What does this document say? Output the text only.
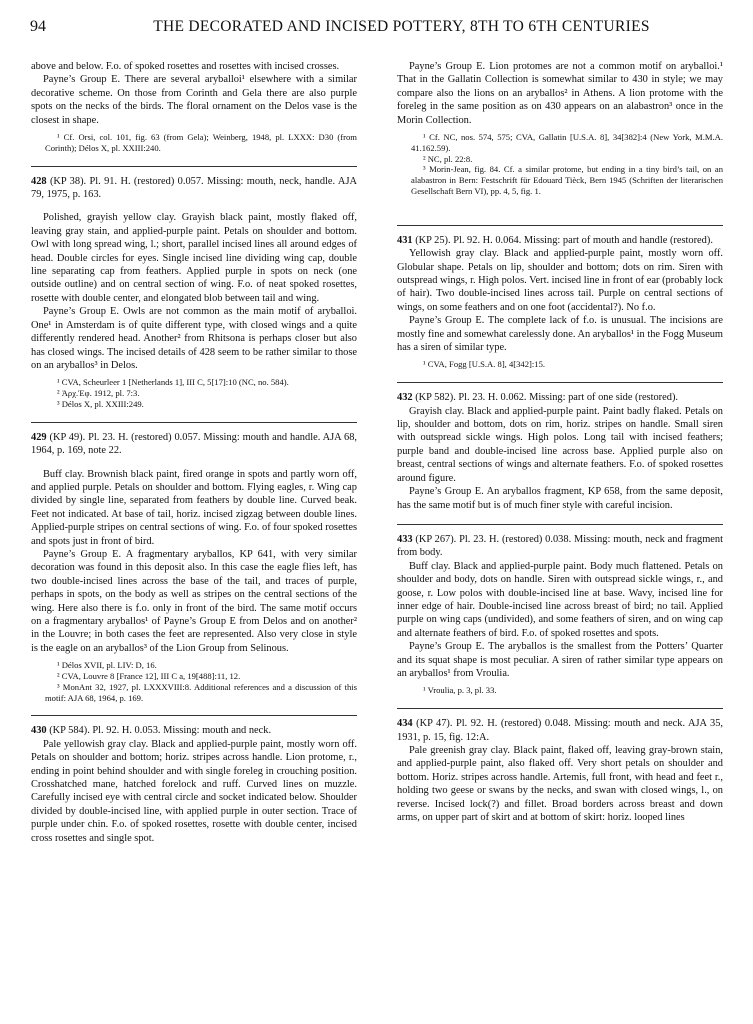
94	THE DECORATED AND INCISED POTTERY, 8TH TO 6TH CENTURIES

above and below. F.o. of spoked rosettes and rosettes with incised crosses.

Payne’s Group E. There are several aryballoi¹ elsewhere with a similar decorative scheme. On those from Corinth and Gela there are also purple spots on the necks of the birds. The floral ornament on the Delos vase is the closest in shape.

¹ Cf. Orsi, col. 101, fig. 63 (from Gela); Weinberg, 1948, pl. LXXX: D30 (from Corinth); Délos X, pl. XXIII:240.

428 (KP 38). Pl. 91. H. (restored) 0.057. Missing: mouth, neck, handle. AJA 79, 1975, p. 163.

Polished, grayish yellow clay. Grayish black paint, mostly flaked off, leaving gray stain, and applied-purple paint. Petals on shoulder and bottom. Owl with long spread wing, l.; short, parallel incised lines all around edges of head. Double circles for eyes. Single incised line dividing wing cap, double line separating cap from feathers. Applied purple in spots on neck (one outside outline) and on central section of wing. F.o. of neat spoked rosettes, rosette with double center, and elongated blob between tail and wing.

Payne’s Group E. Owls are not common as the main motif of aryballoi. One¹ in Amsterdam is of quite different type, with closed wings and a quite differently rendered head. Another² from Rhitsona is perhaps closer but also has closed wings. The incised details of 428 seem to be rather similar to those on an aryballos³ in Delos.

¹ CVA, Scheurleer 1 [Netherlands 1], III C, 5[17]:10 (NC, no. 584).

² Ἀρχ.Ἐφ. 1912, pl. 7:3.

³ Délos X, pl. XXIII:249.

429 (KP 49). Pl. 23. H. (restored) 0.057. Missing: mouth and handle. AJA 68, 1964, p. 169, note 22.

Buff clay. Brownish black paint, fired orange in spots and partly worn off, and applied purple. Petals on shoulder and bottom. Flying eagles, r. Wing cap divided by single line, separated from feathers by double line. Curved beak. Feet not indicated. At base of tail, horiz. incised zigzag between double lines. Applied-purple stripes on central sections of wing. F.o. of four spoked rosettes and spots just in front of bird.

Payne’s Group E. A fragmentary aryballos, KP 641, with very similar decoration was found in this deposit also. In this case the eagle flies left, has two double-incised lines across the base of the tail, and traces of purple, perhaps in spots, on the body as well as stripes on the central sections of the wing. Here also there is f.o. only in front of the bird. The same motif occurs on a fragmentary aryballos¹ of Payne’s Group E from Delos and on another² in the Louvre; in both cases the feet are represented. Also very close in style is the eagle on an aryballos³ of the Lion Group from Selinous.

¹ Délos XVII, pl. LIV: D, 16.

² CVA, Louvre 8 [France 12], III C a, 19[488]:11, 12.

³ MonAnt 32, 1927, pl. LXXXVIII:8. Additional references and a discussion of this motif: AJA 68, 1964, p. 169.

430 (KP 584). Pl. 92. H. 0.053. Missing: mouth and neck.

Pale yellowish gray clay. Black and applied-purple paint, mostly worn off. Petals on shoulder and bottom; horiz. stripes across handle. Lion protome, r., ending in point behind shoulder and with single foreleg in crouching position. Crosshatched mane, hatched forelock and ruff. Curved lines on muzzle. Carefully incised eye with central circle and socket indicated below. Shoulder divided by double-incised line, with applied purple in outer section. Trace of purple under chin. F.o. of spoked rosettes, rosette with double center, incised cross rosettes and single spot.

Payne’s Group E. Lion protomes are not a common motif on aryballoi.¹ That in the Gallatin Collection is somewhat similar to 430 in style; we may compare also the lions on an aryballos² in Athens. A lion protome with the foreleg in the same position as on 430 appears on an alabastron³ once in the Morin Collection.

¹ Cf. NC, nos. 574, 575; CVA, Gallatin [U.S.A. 8], 34[382]:4 (New York, M.M.A. 41.162.59).

² NC, pl. 22:8.

³ Morin-Jean, fig. 84. Cf. a similar protome, but ending in a tiny bird’s tail, on an alabastron in Bern: Festschrift für Edouard Tièck, Bern 1945 (Schriften der literarischen Gesellschaft Bern VI), pp. 4, 5, fig. 1.

431 (KP 25). Pl. 92. H. 0.064. Missing: part of mouth and handle (restored).

Yellowish gray clay. Black and applied-purple paint, mostly worn off. Globular shape. Petals on lip, shoulder and bottom; dots on rim. Siren with outspread wings, r. High polos. Vert. incised line in front of ear (probably lock of hair). Two double-incised lines across tail. Purple on central sections of wings, on some feathers and on one foot (accidental?). No f.o.

Payne’s Group E. The complete lack of f.o. is unusual. The incisions are mostly fine and somewhat carelessly done. An aryballos¹ in the Fogg Museum has a siren of similar type.

¹ CVA, Fogg [U.S.A. 8], 4[342]:15.

432 (KP 582). Pl. 23. H. 0.062. Missing: part of one side (restored).

Grayish clay. Black and applied-purple paint. Paint badly flaked. Petals on lip, shoulder and bottom, dots on rim, horiz. stripes on handle. Small siren with outspread sickle wings. High polos. Long tail with incised feathers; purple band and double-incised line across base. Applied purple also on breast, central sections of wings and alternate feathers. F.o. of spoked rosettes around figure.

Payne’s Group E. An aryballos fragment, KP 658, from the same deposit, has the same motif but is of much finer style with careful incision.

433 (KP 267). Pl. 23. H. (restored) 0.038. Missing: mouth, neck and fragment from body.

Buff clay. Black and applied-purple paint. Body much flattened. Petals on shoulder and body, dots on handle. Siren with outspread sickle wings, r., and goose, r. Low polos with double-incised line at base. Wavy, incised line for inner edge of hair. Double-incised line across breast of bird; no tail. Applied purple on wing caps (undivided), and some feathers of siren, and on wing cap and alternate feathers of bird. F.o. of spoked rosettes and spots.

Payne’s Group E. The aryballos is the smallest from the Potters’ Quarter and its squat shape is most peculiar. A siren of rather similar type appears on an aryballos¹ from Vroulia.

¹ Vroulia, p. 3, pl. 33.

434 (KP 47). Pl. 92. H. (restored) 0.048. Missing: mouth and neck. AJA 35, 1931, p. 15, fig. 12:A.

Pale greenish gray clay. Black paint, flaked off, leaving gray-brown stain, and applied-purple paint, also flaked off. Very short petals on shoulder and bottom. Horiz. stripes across handle. Artemis, full front, with head and feet r., holding two geese or swans by the necks, and swan with closed wings, l., on reverse. Incised lock(?) and fillet. Broad borders across breast and down arms, on upper part of skirt and at bottom of skirt: horiz. looped lines
